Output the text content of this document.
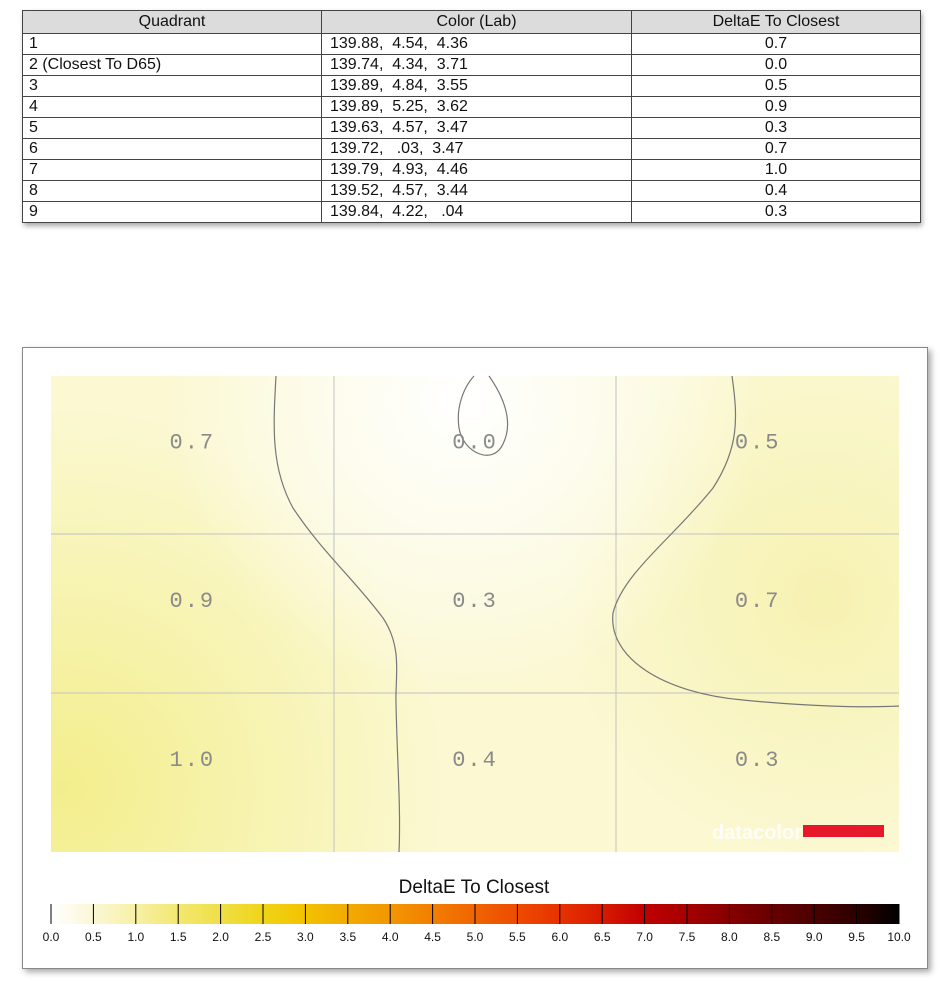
Quadrant	Color (Lab)	DeltaE To Closest
1	139.88,  4.54,  4.36	0.7
2 (Closest To D65)	139.74,  4.34,  3.71	0.0
3	139.89,  4.84,  3.55	0.5
4	139.89,  5.25,  3.62	0.9
5	139.63,  4.57,  3.47	0.3
6	139.72,   .03,  3.47	0.7
7	139.79,  4.93,  4.46	1.0
8	139.52,  4.57,  3.44	0.4
9	139.84,  4.22,   .04	0.3
0.7	0.0	0.5
0.9	0.3	0.7
1.0	0.4	0.3
datacolor
DeltaE To Closest
0.0 0.5 1.0 1.5 2.0 2.5 3.0 3.5 4.0 4.5 5.0 5.5 6.0 6.5 7.0 7.5 8.0 8.5 9.0 9.5 10.0
